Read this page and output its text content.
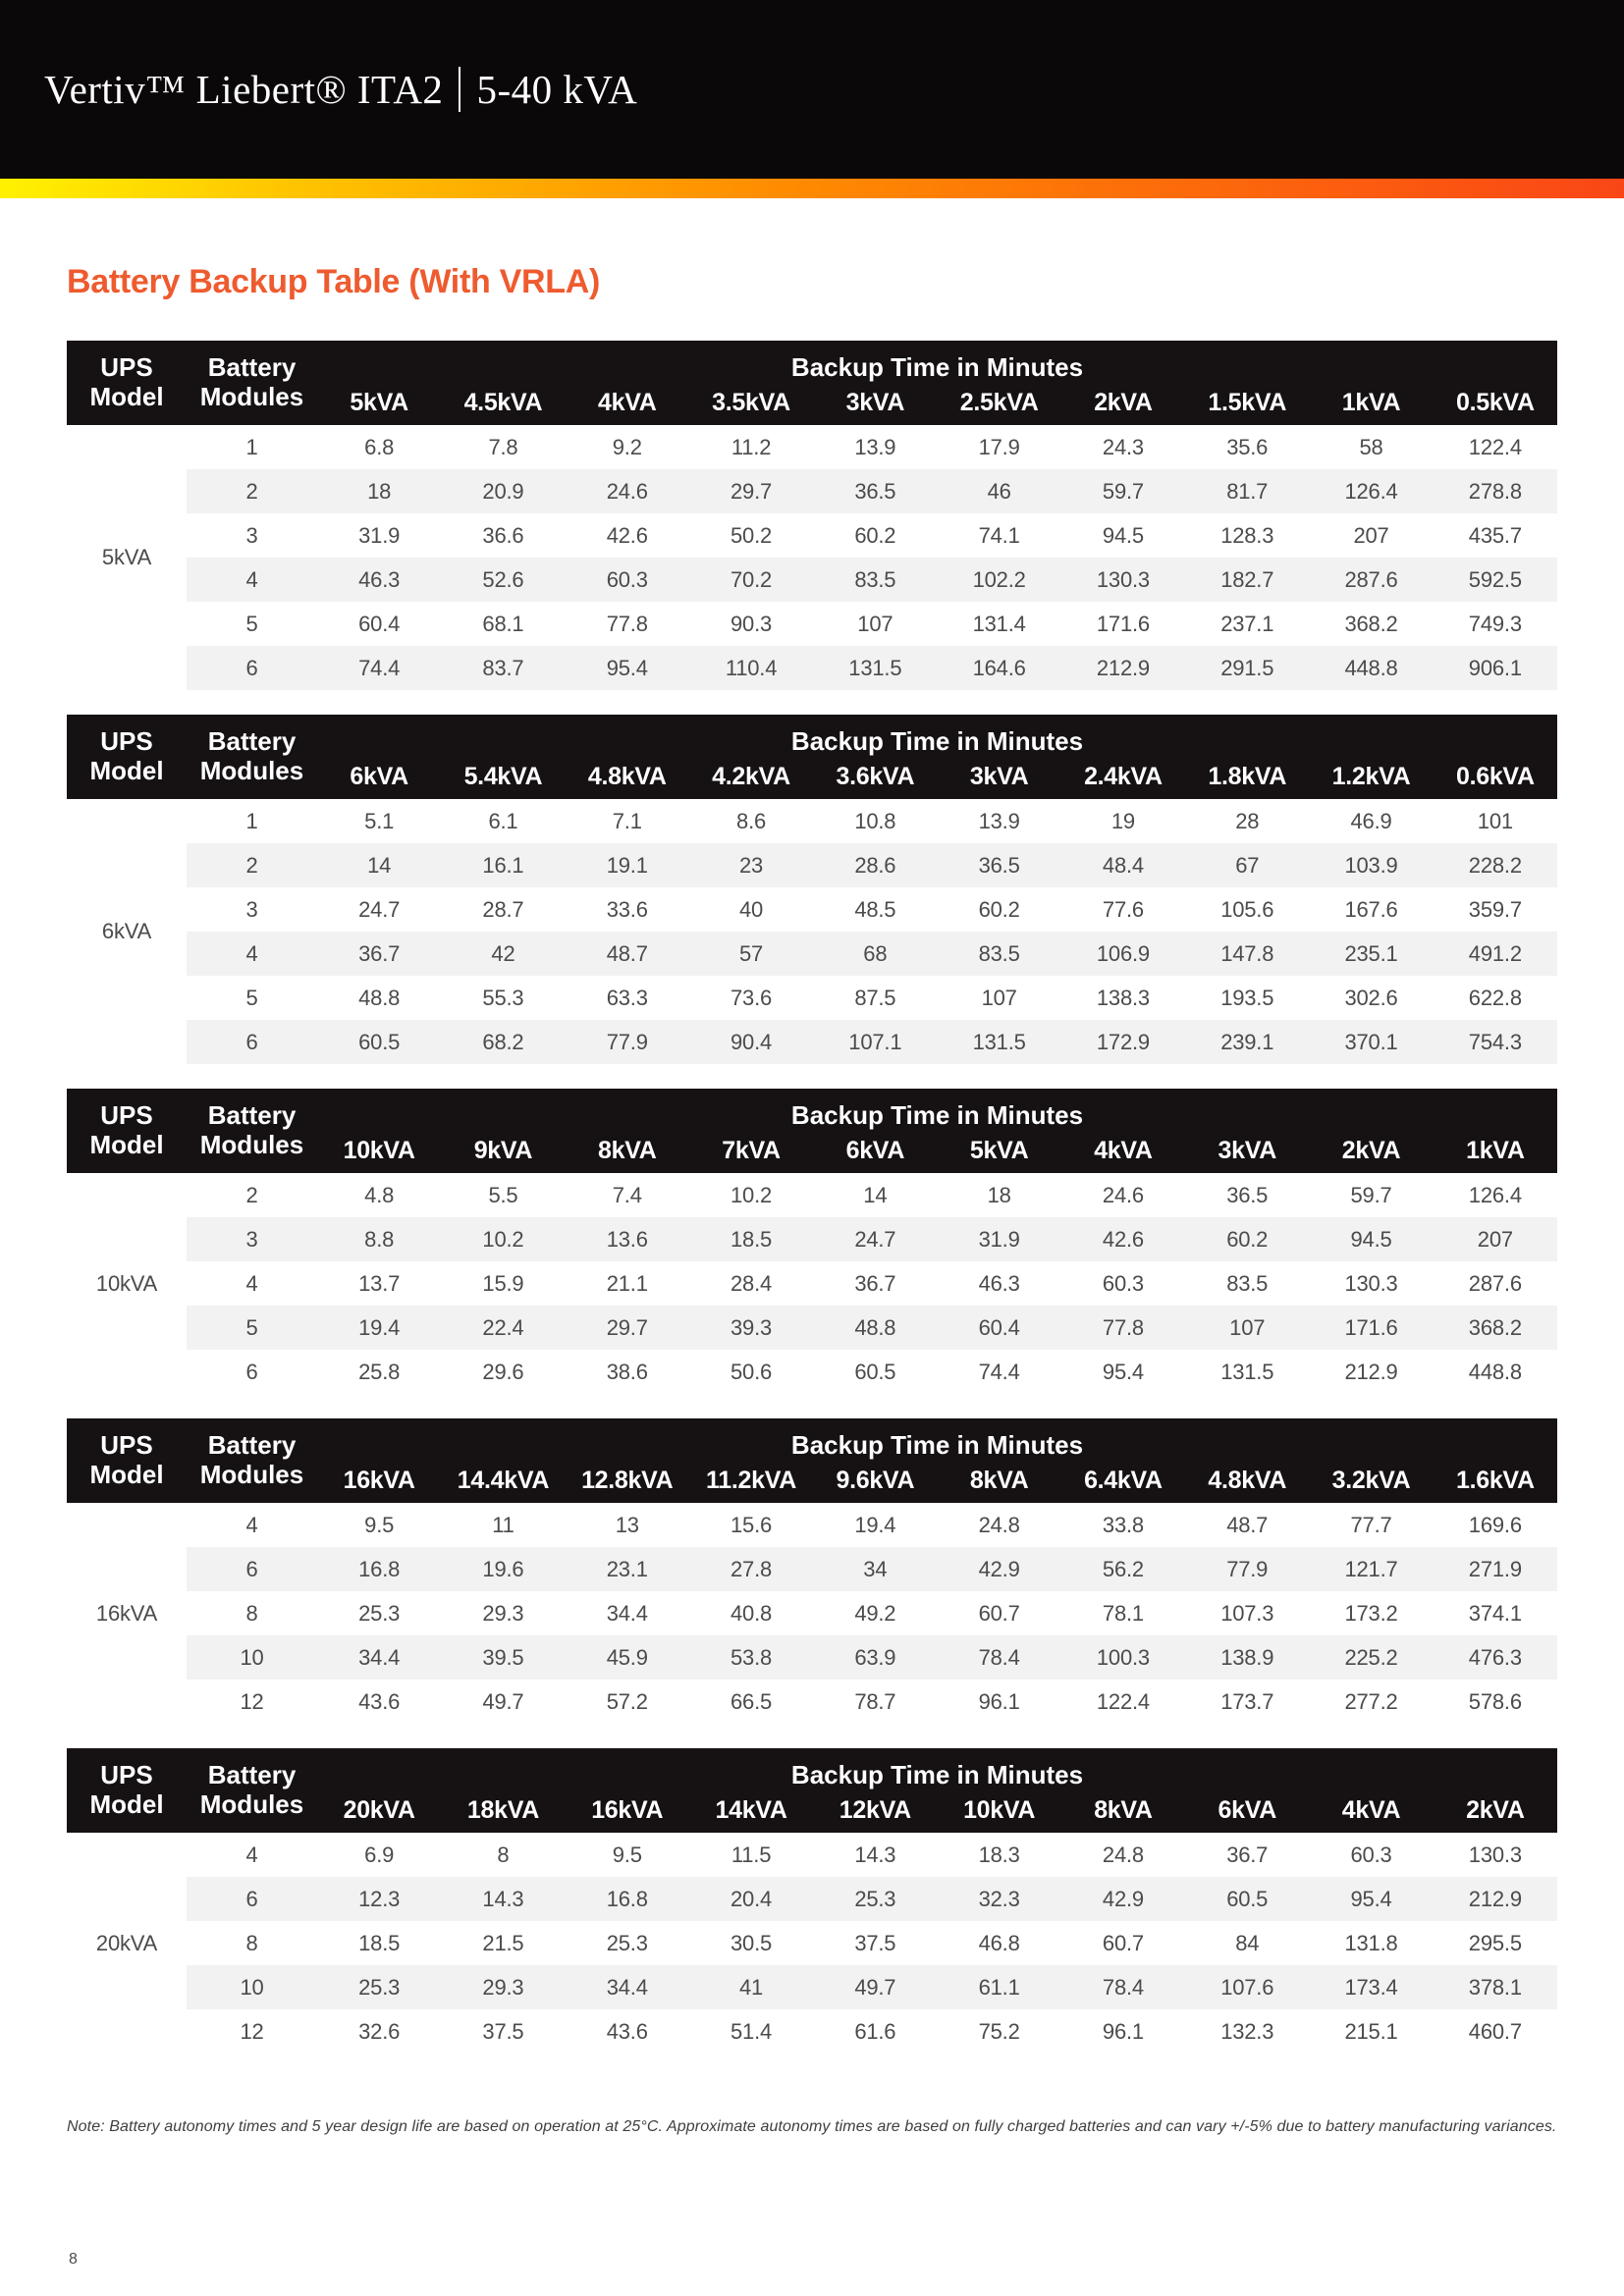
Vertiv™ Liebert® ITA2 5-40 kVA
Battery Backup Table (With VRLA)
UPS
Model

Battery
Modules
	Backup Time in Minutes
		5kVA	4.5kVA	4kVA	3.5kVA	3kVA	2.5kVA	2kVA	1.5kVA	1kVA	0.5kVA
5kVA	1	6.8	7.8	9.2	11.2	13.9	17.9	24.3	35.6	58	122.4
	2	18	20.9	24.6	29.7	36.5	46	59.7	81.7	126.4	278.8
	3	31.9	36.6	42.6	50.2	60.2	74.1	94.5	128.3	207	435.7
	4	46.3	52.6	60.3	70.2	83.5	102.2	130.3	182.7	287.6	592.5
	5	60.4	68.1	77.8	90.3	107	131.4	171.6	237.1	368.2	749.3
	6	74.4	83.7	95.4	110.4	131.5	164.6	212.9	291.5	448.8	906.1
UPS
Model

Battery
Modules
	Backup Time in Minutes
		6kVA	5.4kVA	4.8kVA	4.2kVA	3.6kVA	3kVA	2.4kVA	1.8kVA	1.2kVA	0.6kVA
6kVA	1	5.1	6.1	7.1	8.6	10.8	13.9	19	28	46.9	101
	2	14	16.1	19.1	23	28.6	36.5	48.4	67	103.9	228.2
	3	24.7	28.7	33.6	40	48.5	60.2	77.6	105.6	167.6	359.7
	4	36.7	42	48.7	57	68	83.5	106.9	147.8	235.1	491.2
	5	48.8	55.3	63.3	73.6	87.5	107	138.3	193.5	302.6	622.8
	6	60.5	68.2	77.9	90.4	107.1	131.5	172.9	239.1	370.1	754.3
UPS
Model

Battery
Modules
	Backup Time in Minutes
		10kVA	9kVA	8kVA	7kVA	6kVA	5kVA	4kVA	3kVA	2kVA	1kVA
10kVA	2	4.8	5.5	7.4	10.2	14	18	24.6	36.5	59.7	126.4
	3	8.8	10.2	13.6	18.5	24.7	31.9	42.6	60.2	94.5	207
	4	13.7	15.9	21.1	28.4	36.7	46.3	60.3	83.5	130.3	287.6
	5	19.4	22.4	29.7	39.3	48.8	60.4	77.8	107	171.6	368.2
	6	25.8	29.6	38.6	50.6	60.5	74.4	95.4	131.5	212.9	448.8
UPS
Model

Battery
Modules
	Backup Time in Minutes
		16kVA	14.4kVA	12.8kVA	11.2kVA	9.6kVA	8kVA	6.4kVA	4.8kVA	3.2kVA	1.6kVA
16kVA	4	9.5	11	13	15.6	19.4	24.8	33.8	48.7	77.7	169.6
	6	16.8	19.6	23.1	27.8	34	42.9	56.2	77.9	121.7	271.9
	8	25.3	29.3	34.4	40.8	49.2	60.7	78.1	107.3	173.2	374.1
	10	34.4	39.5	45.9	53.8	63.9	78.4	100.3	138.9	225.2	476.3
	12	43.6	49.7	57.2	66.5	78.7	96.1	122.4	173.7	277.2	578.6
UPS
Model

Battery
Modules
	Backup Time in Minutes
		20kVA	18kVA	16kVA	14kVA	12kVA	10kVA	8kVA	6kVA	4kVA	2kVA
20kVA	4	6.9	8	9.5	11.5	14.3	18.3	24.8	36.7	60.3	130.3
	6	12.3	14.3	16.8	20.4	25.3	32.3	42.9	60.5	95.4	212.9
	8	18.5	21.5	25.3	30.5	37.5	46.8	60.7	84	131.8	295.5
	10	25.3	29.3	34.4	41	49.7	61.1	78.4	107.6	173.4	378.1
	12	32.6	37.5	43.6	51.4	61.6	75.2	96.1	132.3	215.1	460.7

Note: Battery autonomy times and 5 year design life are based on operation at 25°C. Approximate autonomy times are based on fully charged batteries and can vary +/-5% due to battery manufacturing variances.

8
